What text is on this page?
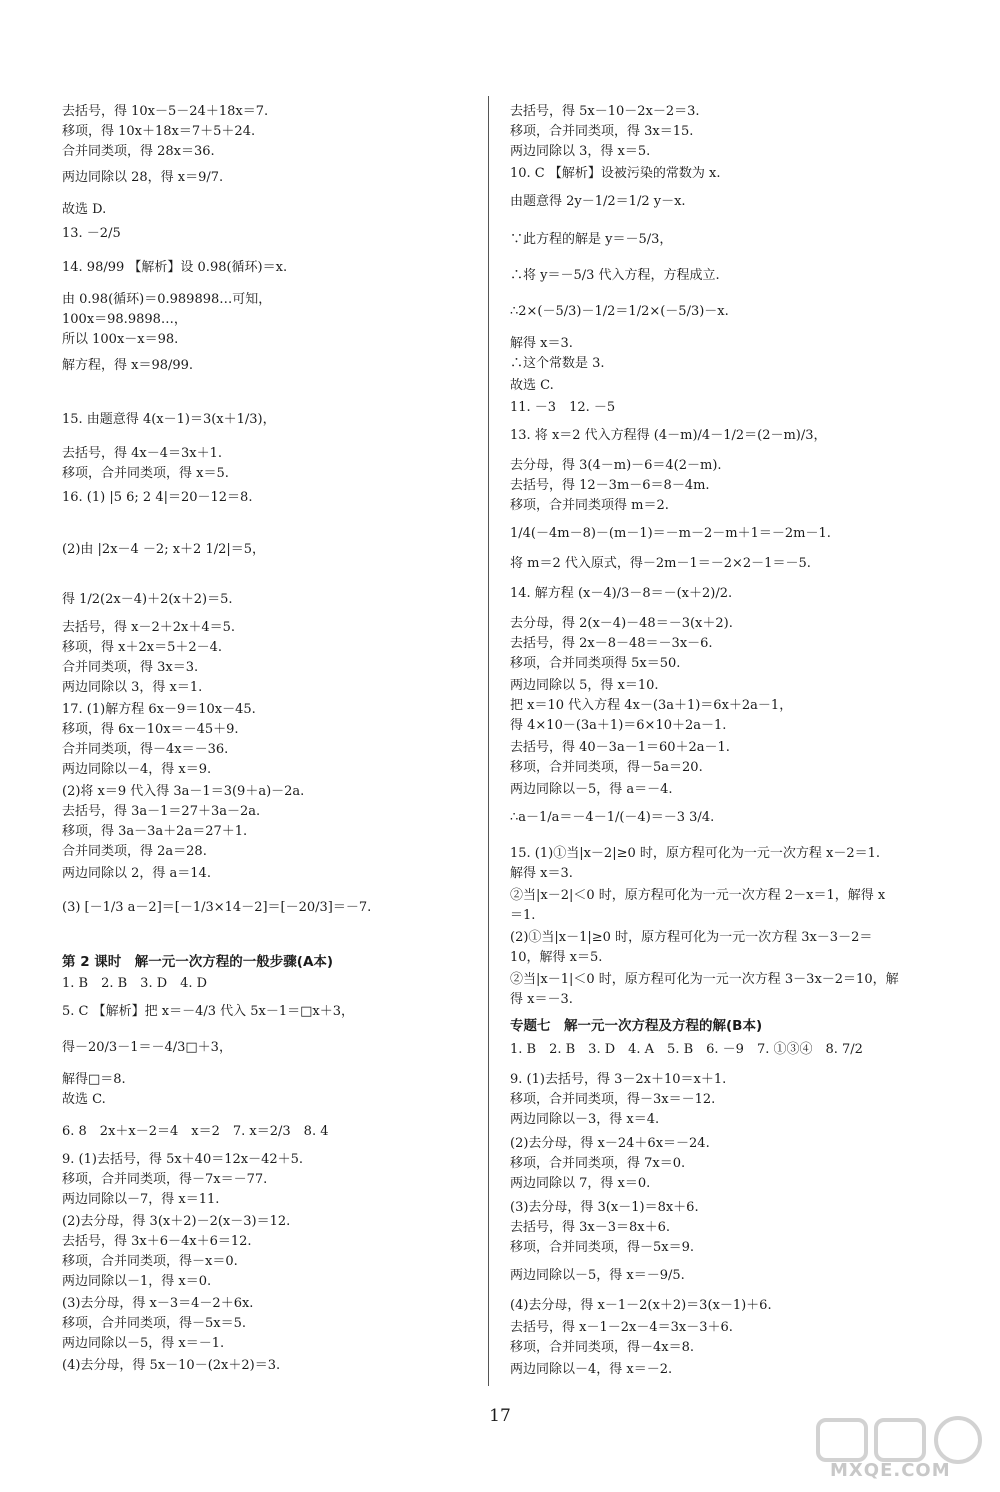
去括号，得 10x－5－24＋18x＝7.
移项，得 10x＋18x＝7＋5＋24.
合并同类项，得 28x＝36.
两边同除以 28，得 x＝9/7.
故选 D.
13. －2/5
14. 98/99 【解析】设 0.98(循环)＝x.
由 0.98(循环)＝0.989898…可知，
100x＝98.9898…，
所以 100x－x＝98.
解方程，得 x＝98/99.
15. 由题意得 4(x－1)＝3(x＋1/3)，
去括号，得 4x－4＝3x＋1.
移项，合并同类项，得 x＝5.
16. (1) |5 6; 2 4|＝20－12＝8.
(2)由 |2x－4 －2; x＋2 1/2|＝5，
得 1/2(2x－4)＋2(x＋2)＝5.
去括号，得 x－2＋2x＋4＝5.
移项，得 x＋2x＝5＋2－4.
合并同类项，得 3x＝3.
两边同除以 3，得 x＝1.
17. (1)解方程 6x－9＝10x－45.
移项，得 6x－10x＝－45＋9.
合并同类项，得－4x＝－36.
两边同除以－4，得 x＝9.
(2)将 x＝9 代入得 3a－1＝3(9＋a)－2a.
去括号，得 3a－1＝27＋3a－2a.
移项，得 3a－3a＋2a＝27＋1.
合并同类项，得 2a＝28.
两边同除以 2，得 a＝14.
(3) [－1/3 a－2]＝[－1/3×14－2]＝[－20/3]＝－7.
第 2 课时　解一元一次方程的一般步骤(A本)
1. B　2. B　3. D　4. D
5. C 【解析】把 x＝－4/3 代入 5x－1＝□x＋3，
得－20/3－1＝－4/3□＋3，
解得□＝8.
故选 C.
6. 8　2x＋x－2＝4　x＝2　7. x＝2/3　8. 4
9. (1)去括号，得 5x＋40＝12x－42＋5.
移项，合并同类项，得－7x＝－77.
两边同除以－7，得 x＝11.
(2)去分母，得 3(x＋2)－2(x－3)＝12.
去括号，得 3x＋6－4x＋6＝12.
移项，合并同类项，得－x＝0.
两边同除以－1，得 x＝0.
(3)去分母，得 x－3＝4－2＋6x.
移项，合并同类项，得－5x＝5.
两边同除以－5，得 x＝－1.
(4)去分母，得 5x－10－(2x＋2)＝3.
去括号，得 5x－10－2x－2＝3.
移项，合并同类项，得 3x＝15.
两边同除以 3，得 x＝5.
10. C 【解析】设被污染的常数为 x.
由题意得 2y－1/2＝1/2 y－x.
∵此方程的解是 y＝－5/3，
∴将 y＝－5/3 代入方程，方程成立.
∴2×(－5/3)－1/2＝1/2×(－5/3)－x.
解得 x＝3.
∴这个常数是 3.
故选 C.
11. －3　12. －5
13. 将 x＝2 代入方程得 (4－m)/4－1/2＝(2－m)/3，
去分母，得 3(4－m)－6＝4(2－m).
去括号，得 12－3m－6＝8－4m.
移项，合并同类项得 m＝2.
1/4(－4m－8)－(m－1)＝－m－2－m＋1＝－2m－1.
将 m＝2 代入原式，得－2m－1＝－2×2－1＝－5.
14. 解方程 (x－4)/3－8＝－(x＋2)/2.
去分母，得 2(x－4)－48＝－3(x＋2).
去括号，得 2x－8－48＝－3x－6.
移项，合并同类项得 5x＝50.
两边同除以 5，得 x＝10.
把 x＝10 代入方程 4x－(3a＋1)＝6x＋2a－1，
得 4×10－(3a＋1)＝6×10＋2a－1.
去括号，得 40－3a－1＝60＋2a－1.
移项，合并同类项，得－5a＝20.
两边同除以－5，得 a＝－4.
∴a－1/a＝－4－1/(－4)＝－3 3/4.
15. (1)①当|x－2|≥0 时，原方程可化为一元一次方程 x－2＝1.
解得 x＝3.
②当|x－2|＜0 时，原方程可化为一元一次方程 2－x＝1，解得 x
＝1.
(2)①当|x－1|≥0 时，原方程可化为一元一次方程 3x－3－2＝
10，解得 x＝5.
②当|x－1|＜0 时，原方程可化为一元一次方程 3－3x－2＝10，解
得 x＝－3.
专题七　解一元一次方程及方程的解(B本)
1. B　2. B　3. D　4. A　5. B　6. －9　7. ①③④　8. 7/2
9. (1)去括号，得 3－2x＋10＝x＋1.
移项，合并同类项，得－3x＝－12.
两边同除以－3，得 x＝4.
(2)去分母，得 x－24＋6x＝－24.
移项，合并同类项，得 7x＝0.
两边同除以 7，得 x＝0.
(3)去分母，得 3(x－1)＝8x＋6.
去括号，得 3x－3＝8x＋6.
移项，合并同类项，得－5x＝9.
两边同除以－5，得 x＝－9/5.
(4)去分母，得 x－1－2(x＋2)＝3(x－1)＋6.
去括号，得 x－1－2x－4＝3x－3＋6.
移项，合并同类项，得－4x＝8.
两边同除以－4，得 x＝－2.
17
MXQE.COM
